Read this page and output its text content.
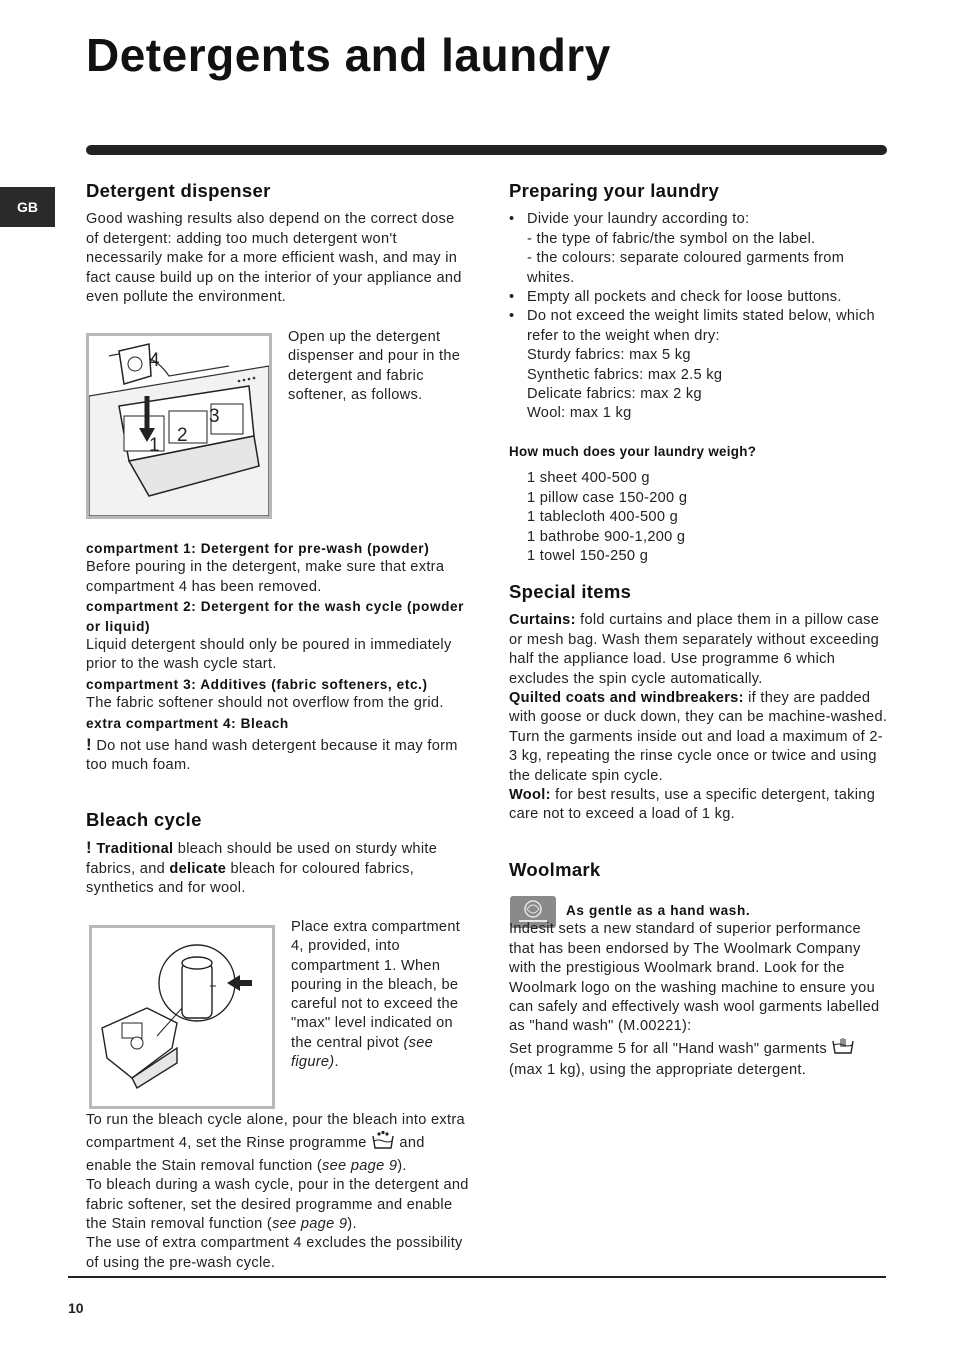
Detergents and laundry
GB
Detergent dispenser

Good washing results also depend on the correct dose of detergent: adding too much detergent won't necessarily make for a more efficient wash, and may in fact cause build up on the interior of your appliance and even pollute the environment.

4
3
2
1
Open up the detergent dispenser and pour in the detergent and fabric softener, as follows.

compartment 1: Detergent for pre-wash (powder)

Before pouring in the detergent, make sure that extra compartment 4 has been removed.

compartment 2: Detergent for the wash cycle (powder or liquid)

Liquid detergent should only be poured in immediately prior to the wash cycle start.

compartment 3: Additives (fabric softeners, etc.)

The fabric softener should not overflow from the grid.

extra compartment 4: Bleach

! Do not use hand wash detergent because it may form too much foam.

Bleach cycle

! Traditional bleach should be used on sturdy white fabrics, and delicate bleach for coloured fabrics, synthetics and for wool.

Place extra compartment 4, provided, into compartment 1. When pouring in the bleach, be careful not to exceed the "max" level indicated on the central pivot (see figure).

To run the bleach cycle alone, pour the bleach into extra compartment 4, set the Rinse programme  and enable the Stain removal function (see page 9).

To bleach during a wash cycle, pour in the detergent and fabric softener, set the desired programme and enable the Stain removal function (see page 9).

The use of extra compartment 4 excludes the possibility of using the pre-wash cycle.

Preparing your laundry
• Divide your laundry according to:
- the type of fabric/the symbol on the label.
- the colours: separate coloured garments from whites.
• Empty all pockets and check for loose buttons.
• Do not exceed the weight limits stated below, which refer to the weight when dry:
Sturdy fabrics: max 5 kg
Synthetic fabrics: max 2.5 kg
Delicate fabrics: max 2 kg
Wool: max 1 kg

How much does your laundry weigh?

1 sheet 400-500 g
1 pillow case 150-200 g
1 tablecloth 400-500 g
1 bathrobe 900-1,200 g
1 towel 150-250 g
Special items

Curtains: fold curtains and place them in a pillow case or mesh bag. Wash them separately without exceeding half the appliance load. Use programme 6 which excludes the spin cycle automatically.

Quilted coats and windbreakers: if they are padded with goose or duck down, they can be machine-washed. Turn the garments inside out and load a maximum of 2-3 kg, repeating the rinse cycle once or twice and using the delicate spin cycle.

Wool: for best results, use a specific detergent, taking care not to exceed a load of 1 kg.

Woolmark

As gentle as a hand wash.

Indesit sets a new standard of superior performance that has been endorsed by The Woolmark Company with the prestigious Woolmark brand. Look for the Woolmark logo on the washing machine to ensure you can safely and effectively wash wool garments labelled as "hand wash" (M.00221):

Set programme 5 for all "Hand wash" garments  (max 1 kg), using the appropriate detergent.

10
